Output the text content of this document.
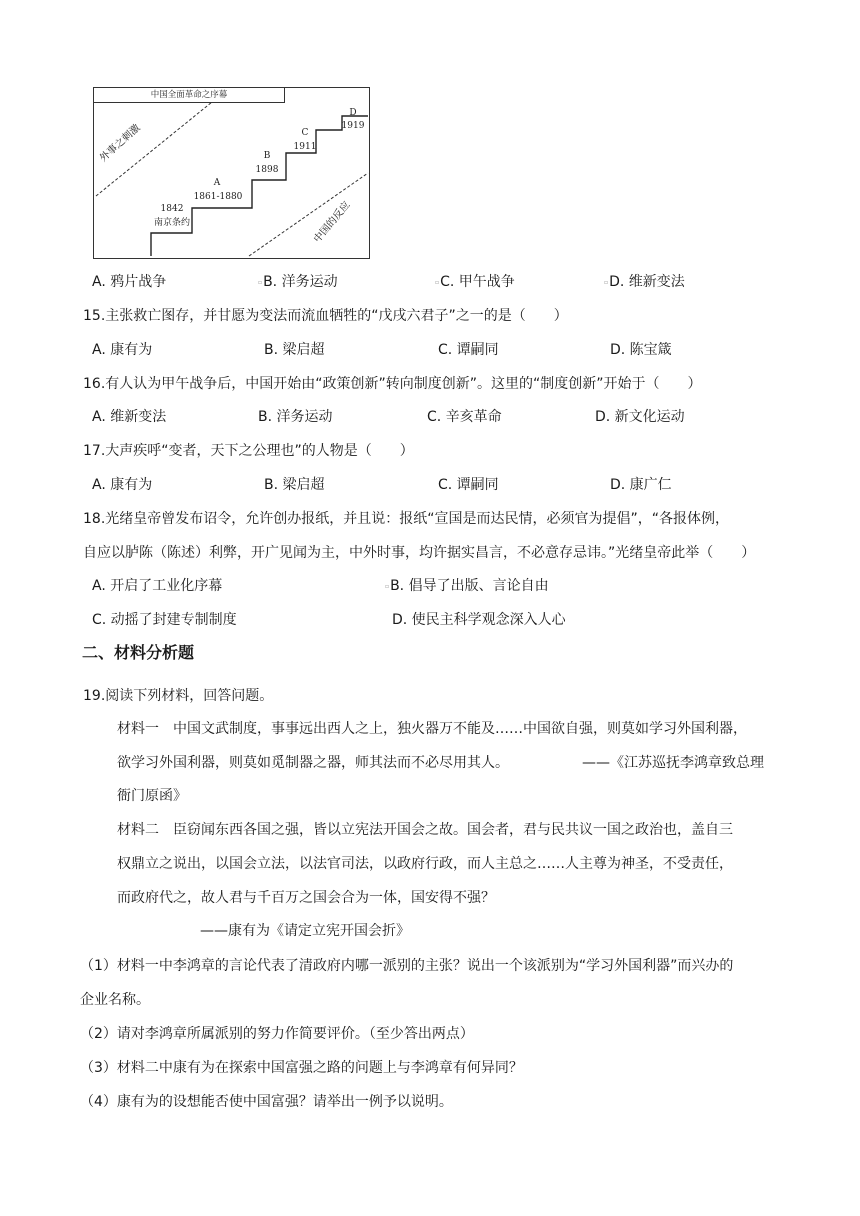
中国全面革命之序幕
外事之刺激
中国的反应
1842
南京条约
A
1861-1880
B
1898
C
1911
D
1919
A. 鸦片战争	▫B. 洋务运动	▫C. 甲午战争	▫D. 维新变法
15.主张救亡图存，并甘愿为变法而流血牺牲的“戊戌六君子”之一的是（　　）
A. 康有为	B. 梁启超	C. 谭嗣同	D. 陈宝箴
16.有人认为甲午战争后，中国开始由“政策创新”转向制度创新”。这里的“制度创新”开始于（　　）
A. 维新变法	B. 洋务运动	C. 辛亥革命	D. 新文化运动
17.大声疾呼“变者，天下之公理也”的人物是（　　）
A. 康有为	B. 梁启超	C. 谭嗣同	D. 康广仁
18.光绪皇帝曾发布诏令，允许创办报纸，并且说：报纸“宣国是而达民情，必须官为提倡”，“各报体例，
自应以胪陈（陈述）利弊，开广见闻为主，中外时事，均许据实昌言，不必意存忌讳。”光绪皇帝此举（　　）
A. 开启了工业化序幕	▫B. 倡导了出版、言论自由
C. 动摇了封建专制制度	D. 使民主科学观念深入人心
二、材料分析题
19.阅读下列材料，回答问题。
材料一　中国文武制度，事事远出西人之上，独火器万不能及……中国欲自强，则莫如学习外国利器，
欲学习外国利器，则莫如觅制器之器，师其法而不必尽用其人。	——《江苏巡抚李鸿章致总理
衙门原函》
材料二　臣窃闻东西各国之强，皆以立宪法开国会之故。国会者，君与民共议一国之政治也，盖自三
权鼎立之说出，以国会立法，以法官司法，以政府行政，而人主总之……人主尊为神圣，不受责任，
而政府代之，故人君与千百万之国会合为一体，国安得不强？
——康有为《请定立宪开国会折》
（1）材料一中李鸿章的言论代表了清政府内哪一派别的主张？说出一个该派别为“学习外国利器”而兴办的
企业名称。
（2）请对李鸿章所属派别的努力作简要评价。（至少答出两点）
（3）材料二中康有为在探索中国富强之路的问题上与李鸿章有何异同？
（4）康有为的设想能否使中国富强？请举出一例予以说明。
